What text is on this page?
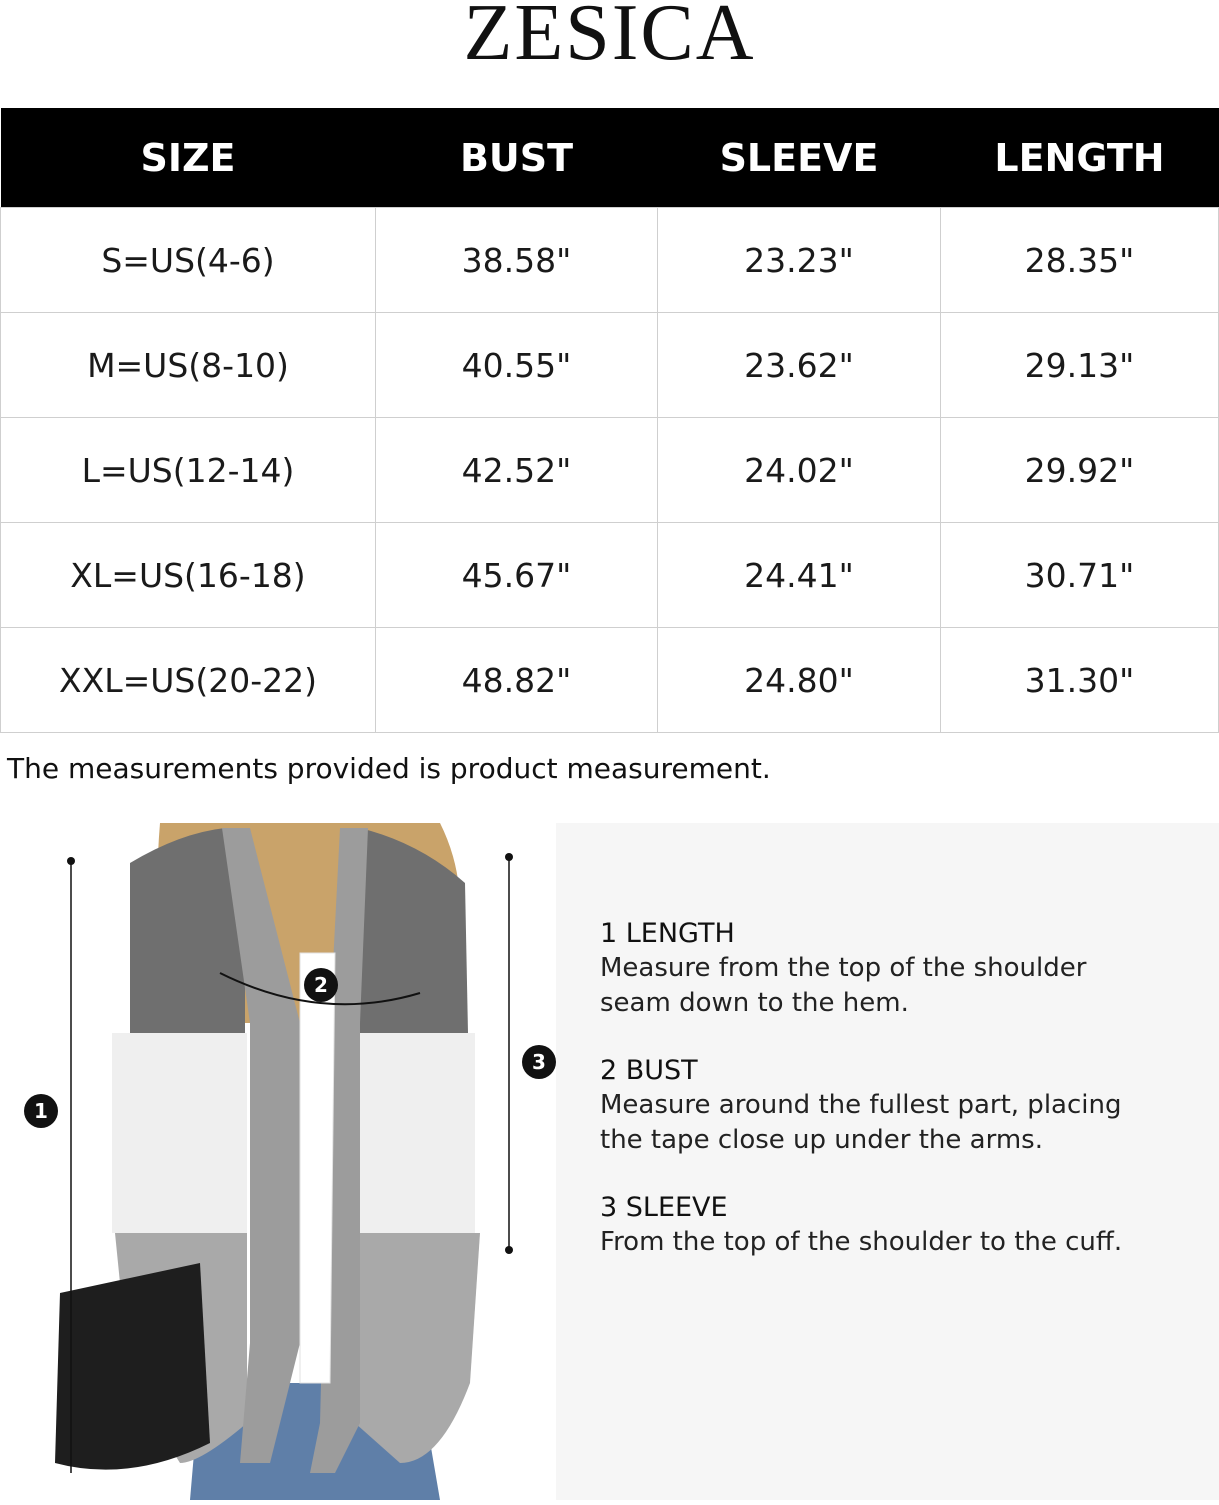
ZESICA
SIZE	BUST	SLEEVE	LENGTH
S=US(4-6)	38.58"	23.23"	28.35"
M=US(8-10)	40.55"	23.62"	29.13"
L=US(12-14)	42.52"	24.02"	29.92"
XL=US(16-18)	45.67"	24.41"	30.71"
XXL=US(20-22)	48.82"	24.80"	31.30"
The measurements provided is product measurement.
1
2
3
1 LENGTH
Measure from the top of the shoulder seam down to the hem.
2 BUST
Measure around the fullest part, placing the tape close up under the arms.
3 SLEEVE
From the top of the shoulder to the cuff.
